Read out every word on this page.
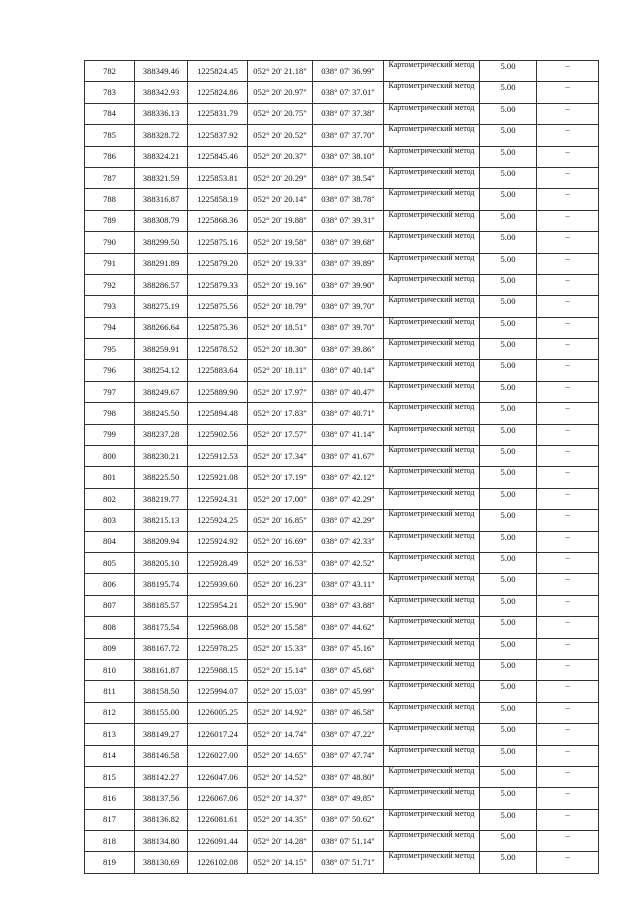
782	388349.46	1225824.45	052° 20' 21.18"	038° 07' 36.99"	Картометрический метод	5.00	–
783	388342.93	1225824.86	052° 20' 20.97"	038° 07' 37.01"	Картометрический метод	5.00	–
784	388336.13	1225831.79	052° 20' 20.75"	038° 07' 37.38"	Картометрический метод	5.00	–
785	388328.72	1225837.92	052° 20' 20.52"	038° 07' 37.70"	Картометрический метод	5.00	–
786	388324.21	1225845.46	052° 20' 20.37"	038° 07' 38.10"	Картометрический метод	5.00	–
787	388321.59	1225853.81	052° 20' 20.29"	038° 07' 38.54"	Картометрический метод	5.00	–
788	388316.87	1225858.19	052° 20' 20.14"	038° 07' 38.78"	Картометрический метод	5.00	–
789	388308.79	1225868.36	052° 20' 19.88"	038° 07' 39.31"	Картометрический метод	5.00	–
790	388299.50	1225875.16	052° 20' 19.58"	038° 07' 39.68"	Картометрический метод	5.00	–
791	388291.89	1225879.20	052° 20' 19.33"	038° 07' 39.89"	Картометрический метод	5.00	–
792	388286.57	1225879.33	052° 20' 19.16"	038° 07' 39.90"	Картометрический метод	5.00	–
793	388275.19	1225875.56	052° 20' 18.79"	038° 07' 39.70"	Картометрический метод	5.00	–
794	388266.64	1225875.36	052° 20' 18.51"	038° 07' 39.70"	Картометрический метод	5.00	–
795	388259.91	1225878.52	052° 20' 18.30"	038° 07' 39.86"	Картометрический метод	5.00	–
796	388254.12	1225883.64	052° 20' 18.11"	038° 07' 40.14"	Картометрический метод	5.00	–
797	388249.67	1225889.90	052° 20' 17.97"	038° 07' 40.47"	Картометрический метод	5.00	–
798	388245.50	1225894.48	052° 20' 17.83"	038° 07' 40.71"	Картометрический метод	5.00	–
799	388237.28	1225902.56	052° 20' 17.57"	038° 07' 41.14"	Картометрический метод	5.00	–
800	388230.21	1225912.53	052° 20' 17.34"	038° 07' 41.67"	Картометрический метод	5.00	–
801	388225.50	1225921.08	052° 20' 17.19"	038° 07' 42.12"	Картометрический метод	5.00	–
802	388219.77	1225924.31	052° 20' 17.00"	038° 07' 42.29"	Картометрический метод	5.00	–
803	388215.13	1225924.25	052° 20' 16.85"	038° 07' 42.29"	Картометрический метод	5.00	–
804	388209.94	1225924.92	052° 20' 16.69"	038° 07' 42.33"	Картометрический метод	5.00	–
805	388205.10	1225928.49	052° 20' 16.53"	038° 07' 42.52"	Картометрический метод	5.00	–
806	388195.74	1225939.60	052° 20' 16.23"	038° 07' 43.11"	Картометрический метод	5.00	–
807	388185.57	1225954.21	052° 20' 15.90"	038° 07' 43.88"	Картометрический метод	5.00	–
808	388175.54	1225968.08	052° 20' 15.58"	038° 07' 44.62"	Картометрический метод	5.00	–
809	388167.72	1225978.25	052° 20' 15.33"	038° 07' 45.16"	Картометрический метод	5.00	–
810	388161.87	1225988.15	052° 20' 15.14"	038° 07' 45.68"	Картометрический метод	5.00	–
811	388158.50	1225994.07	052° 20' 15.03"	038° 07' 45.99"	Картометрический метод	5.00	–
812	388155.00	1226005.25	052° 20' 14.92"	038° 07' 46.58"	Картометрический метод	5.00	–
813	388149.27	1226017.24	052° 20' 14.74"	038° 07' 47.22"	Картометрический метод	5.00	–
814	388146.58	1226027.00	052° 20' 14.65"	038° 07' 47.74"	Картометрический метод	5.00	–
815	388142.27	1226047.06	052° 20' 14.52"	038° 07' 48.80"	Картометрический метод	5.00	–
816	388137.56	1226067.06	052° 20' 14.37"	038° 07' 49.85"	Картометрический метод	5.00	–
817	388136.82	1226081.61	052° 20' 14.35"	038° 07' 50.62"	Картометрический метод	5.00	–
818	388134.80	1226091.44	052° 20' 14.28"	038° 07' 51.14"	Картометрический метод	5.00	–
819	388130.69	1226102.08	052° 20' 14.15"	038° 07' 51.71"	Картометрический метод	5.00	–
